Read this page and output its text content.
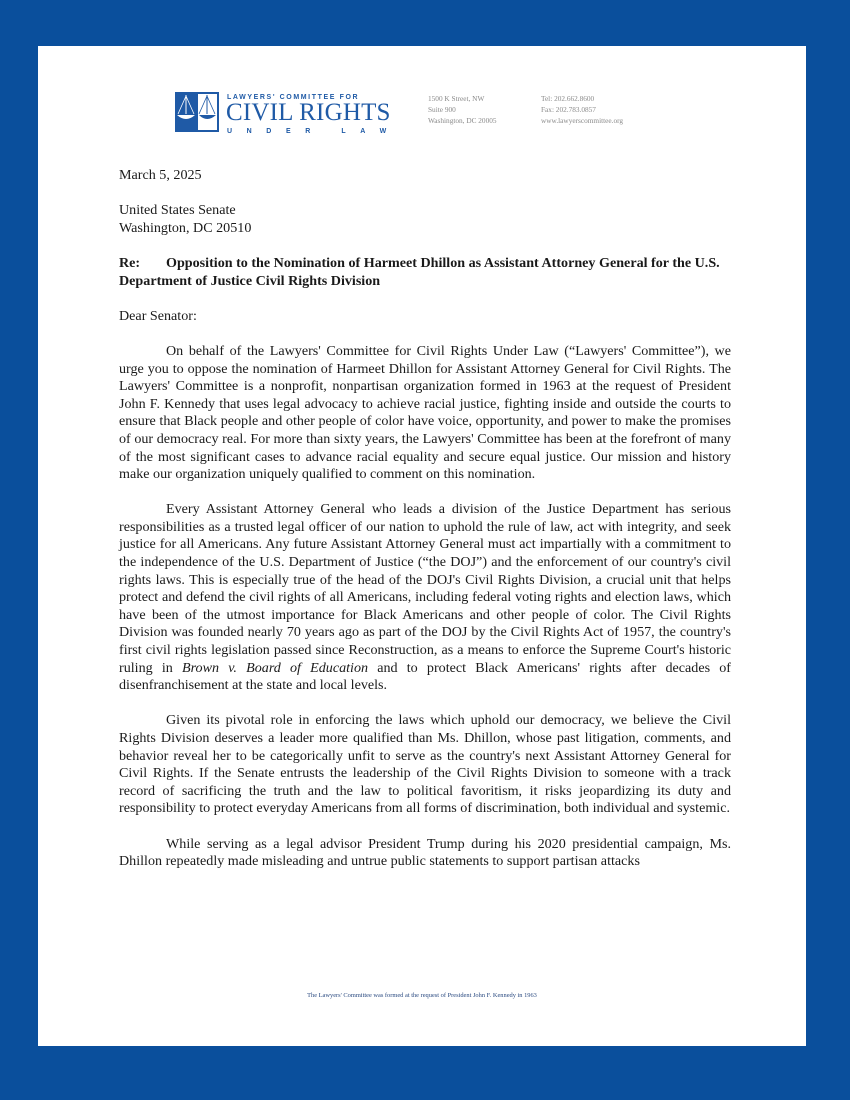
LAWYERS' COMMITTEE FOR
CIVIL RIGHTS
UNDER LAW
1500 K Street, NW
Suite 900
Washington, DC 20005
Tel: 202.662.8600
Fax: 202.783.0857
www.lawyerscommittee.org

March 5, 2025

United States Senate

Washington, DC 20510

Re: Opposition to the Nomination of Harmeet Dhillon as Assistant Attorney General for the U.S. Department of Justice Civil Rights Division

Dear Senator:

On behalf of the Lawyers' Committee for Civil Rights Under Law (“Lawyers' Committee”), we urge you to oppose the nomination of Harmeet Dhillon for Assistant Attorney General for Civil Rights. The Lawyers' Committee is a nonprofit, nonpartisan organization formed in 1963 at the request of President John F. Kennedy that uses legal advocacy to achieve racial justice, fighting inside and outside the courts to ensure that Black people and other people of color have voice, opportunity, and power to make the promises of our democracy real. For more than sixty years, the Lawyers' Committee has been at the forefront of many of the most significant cases to advance racial equality and secure equal justice. Our mission and history make our organization uniquely qualified to comment on this nomination.

Every Assistant Attorney General who leads a division of the Justice Department has serious responsibilities as a trusted legal officer of our nation to uphold the rule of law, act with integrity, and seek justice for all Americans. Any future Assistant Attorney General must act impartially with a commitment to the independence of the U.S. Department of Justice (“the DOJ”) and the enforcement of our country's civil rights laws. This is especially true of the head of the DOJ's Civil Rights Division, a crucial unit that helps protect and defend the civil rights of all Americans, including federal voting rights and election laws, which have been of the utmost importance for Black Americans and other people of color. The Civil Rights Division was founded nearly 70 years ago as part of the DOJ by the Civil Rights Act of 1957, the country's first civil rights legislation passed since Reconstruction, as a means to enforce the Supreme Court's historic ruling in Brown v. Board of Education and to protect Black Americans' rights after decades of disenfranchisement at the state and local levels.

Given its pivotal role in enforcing the laws which uphold our democracy, we believe the Civil Rights Division deserves a leader more qualified than Ms. Dhillon, whose past litigation, comments, and behavior reveal her to be categorically unfit to serve as the country's next Assistant Attorney General for Civil Rights. If the Senate entrusts the leadership of the Civil Rights Division to someone with a track record of sacrificing the truth and the law to political favoritism, it risks jeopardizing its duty and responsibility to protect everyday Americans from all forms of discrimination, both individual and systemic.

While serving as a legal advisor President Trump during his 2020 presidential campaign, Ms. Dhillon repeatedly made misleading and untrue public statements to support partisan attacks

The Lawyers' Committee was formed at the request of President John F. Kennedy in 1963
